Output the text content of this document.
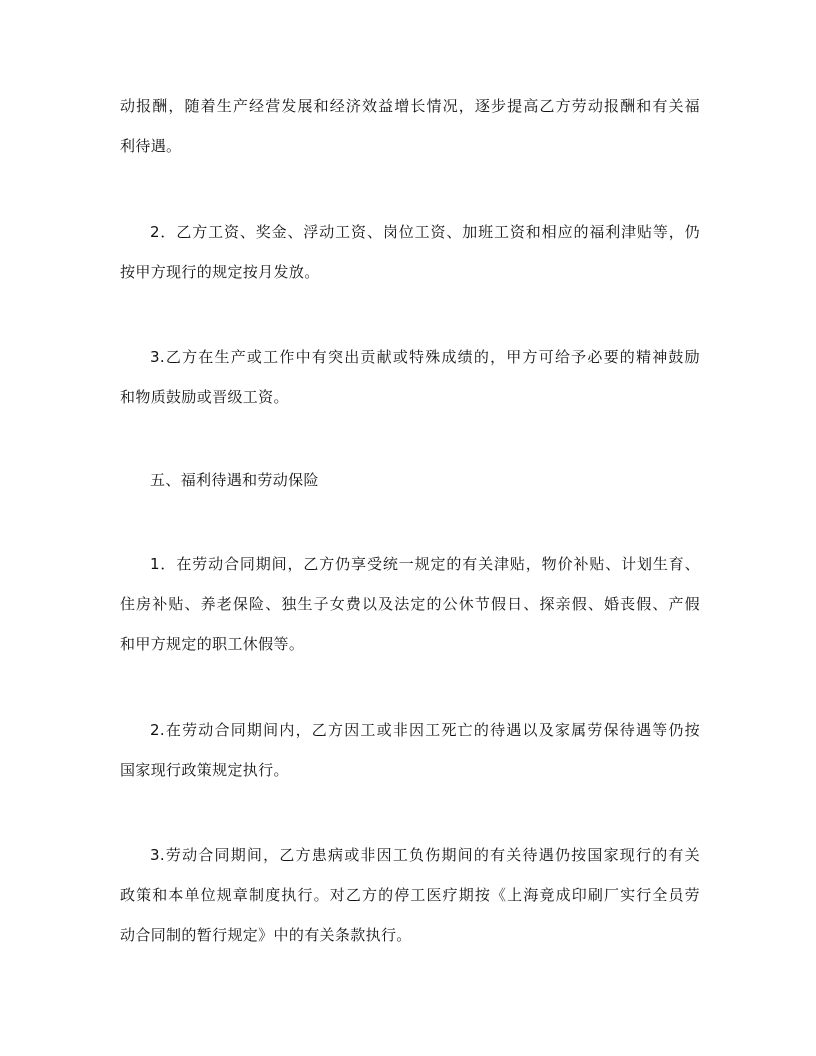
动报酬，随着生产经营发展和经济效益增长情况，逐步提高乙方劳动报酬和有关福
利待遇。
2．乙方工资、奖金、浮动工资、岗位工资、加班工资和相应的福利津贴等，仍
按甲方现行的规定按月发放。
3.乙方在生产或工作中有突出贡献或特殊成绩的，甲方可给予必要的精神鼓励
和物质鼓励或晋级工资。
五、福利待遇和劳动保险
1．在劳动合同期间，乙方仍享受统一规定的有关津贴，物价补贴、计划生育、
住房补贴、养老保险、独生子女费以及法定的公休节假日、探亲假、婚丧假、产假
和甲方规定的职工休假等。
2.在劳动合同期间内，乙方因工或非因工死亡的待遇以及家属劳保待遇等仍按
国家现行政策规定执行。
3.劳动合同期间，乙方患病或非因工负伤期间的有关待遇仍按国家现行的有关
政策和本单位规章制度执行。对乙方的停工医疗期按《上海竟成印刷厂实行全员劳
动合同制的暂行规定》中的有关条款执行。
